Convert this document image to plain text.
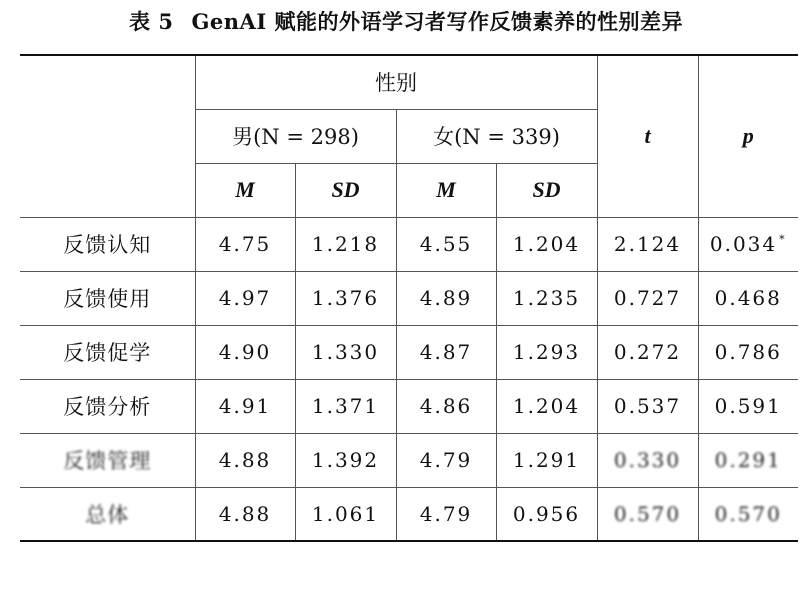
表 5 GenAI 赋能的外语学习者写作反馈素养的性别差异
	性别				t	p
	男(N = 298)		女(N = 339)			
	M	SD	M	SD		
反馈认知	4.75	1.218	4.55	1.204	2.124	0.034 *
反馈使用	4.97	1.376	4.89	1.235	0.727	0.468
反馈促学	4.90	1.330	4.87	1.293	0.272	0.786
反馈分析	4.91	1.371	4.86	1.204	0.537	0.591
反馈管理	4.88	1.392	4.79	1.291	0.330	0.291
总体	4.88	1.061	4.79	0.956	0.570	0.570
